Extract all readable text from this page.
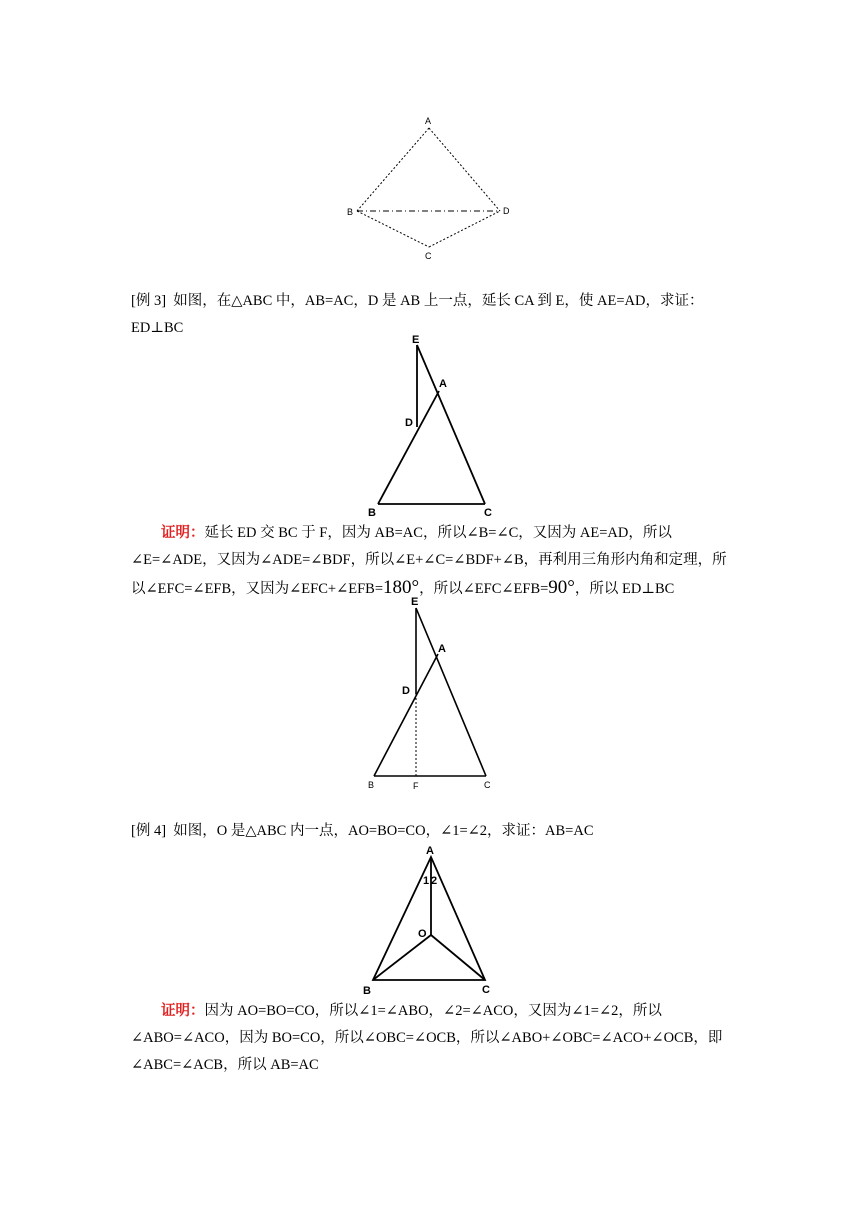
A
B
C
D
[例 3] 如图，在△ABC 中，AB=AC，D 是 AB 上一点，延长 CA 到 E，使 AE=AD，求证：
ED⊥BC
E
A
D
B	C
证明：延长 ED 交 BC 于 F，因为 AB=AC，所以∠B=∠C，又因为 AE=AD，所以∠E=∠ADE，又因为∠ADE=∠BDF，所以∠E+∠C=∠BDF+∠B，再利用三角形内角和定理，所以∠EFC=∠EFB，又因为∠EFC+∠EFB=180°，所以∠EFC∠EFB=90°，所以 ED⊥BC
E
A
D
B	F	C
[例 4] 如图，O 是△ABC 内一点，AO=BO=CO，∠1=∠2，求证：AB=AC
A
1 2
O
B	C
证明：因为 AO=BO=CO，所以∠1=∠ABO，∠2=∠ACO，又因为∠1=∠2，所以∠ABO=∠ACO，因为 BO=CO，所以∠OBC=∠OCB，所以∠ABO+∠OBC=∠ACO+∠OCB，即∠ABC=∠ACB，所以 AB=AC
